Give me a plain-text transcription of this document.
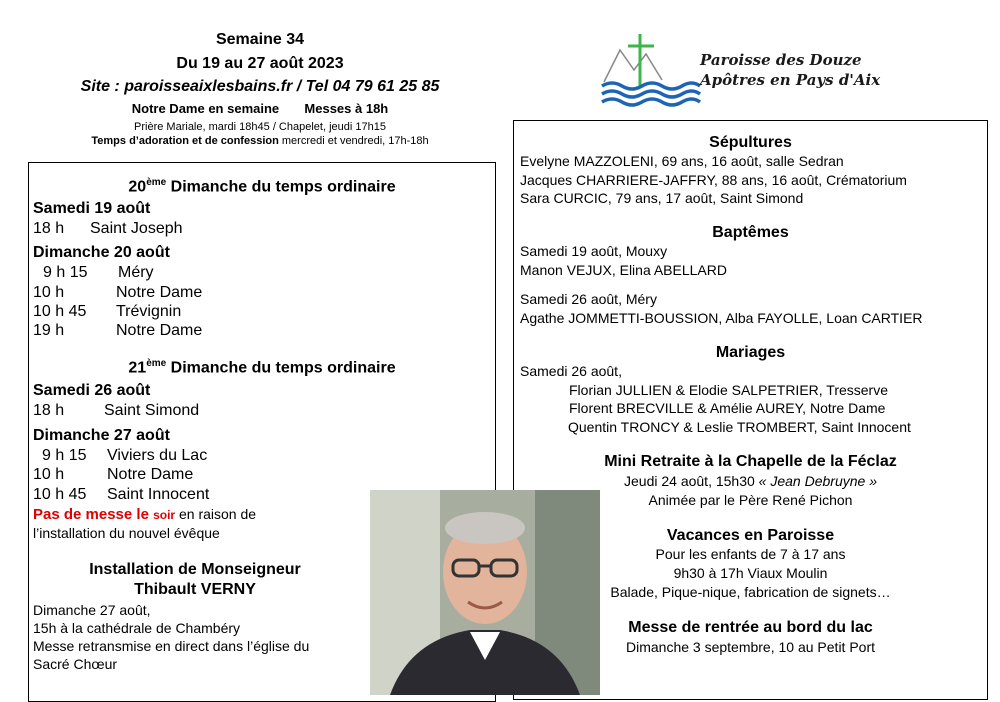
Semaine 34
Du 19 au 27 août 2023
Site : paroisseaixlesbains.fr / Tel 04 79 61 25 85
Notre Dame en semaine Messes à 18h
Prière Mariale, mardi 18h45 / Chapelet, jeudi 17h15
Temps d’adoration et de confession mercredi et vendredi, 17h-18h
Paroisse des Douze
Apôtres en Pays d'Aix
20ème Dimanche du temps ordinaire
Samedi 19 août
18 h Saint Joseph
Dimanche 20 août
9 h 15 Méry
10 h	Notre Dame
10 h 45 Trévignin
19 h	Notre Dame
21ème Dimanche du temps ordinaire
Samedi 26 août
18 h Saint Simond
Dimanche 27 août
9 h 15 Viviers du Lac
10 h	Notre Dame
10 h 45 Saint Innocent
Pas de messe le soir en raison de
l’installation du nouvel évêque
Installation de Monseigneur
Thibault VERNY
Dimanche 27 août,
15h à la cathédrale de Chambéry
Messe retransmise en direct dans l’église du
Sacré Chœur
Sépultures
Evelyne MAZZOLENI, 69 ans, 16 août, salle Sedran
Jacques CHARRIERE-JAFFRY, 88 ans, 16 août, Crématorium
Sara CURCIC, 79 ans, 17 août, Saint Simond
Baptêmes
Samedi 19 août, Mouxy
Manon VEJUX, Elina ABELLARD
Samedi 26 août, Méry
Agathe JOMMETTI-BOUSSION, Alba FAYOLLE, Loan CARTIER
Mariages
Samedi 26 août,
Florian JULLIEN & Elodie SALPETRIER, Tresserve
Florent BRECVILLE & Amélie AUREY, Notre Dame
Quentin TRONCY & Leslie TROMBERT, Saint Innocent
Mini Retraite à la Chapelle de la Féclaz
Jeudi 24 août, 15h30 « Jean Debruyne »
Animée par le Père René Pichon
Vacances en Paroisse
Pour les enfants de 7 à 17 ans
9h30 à 17h Viaux Moulin
Balade, Pique-nique, fabrication de signets…
Messe de rentrée au bord du lac
Dimanche 3 septembre, 10 au Petit Port
